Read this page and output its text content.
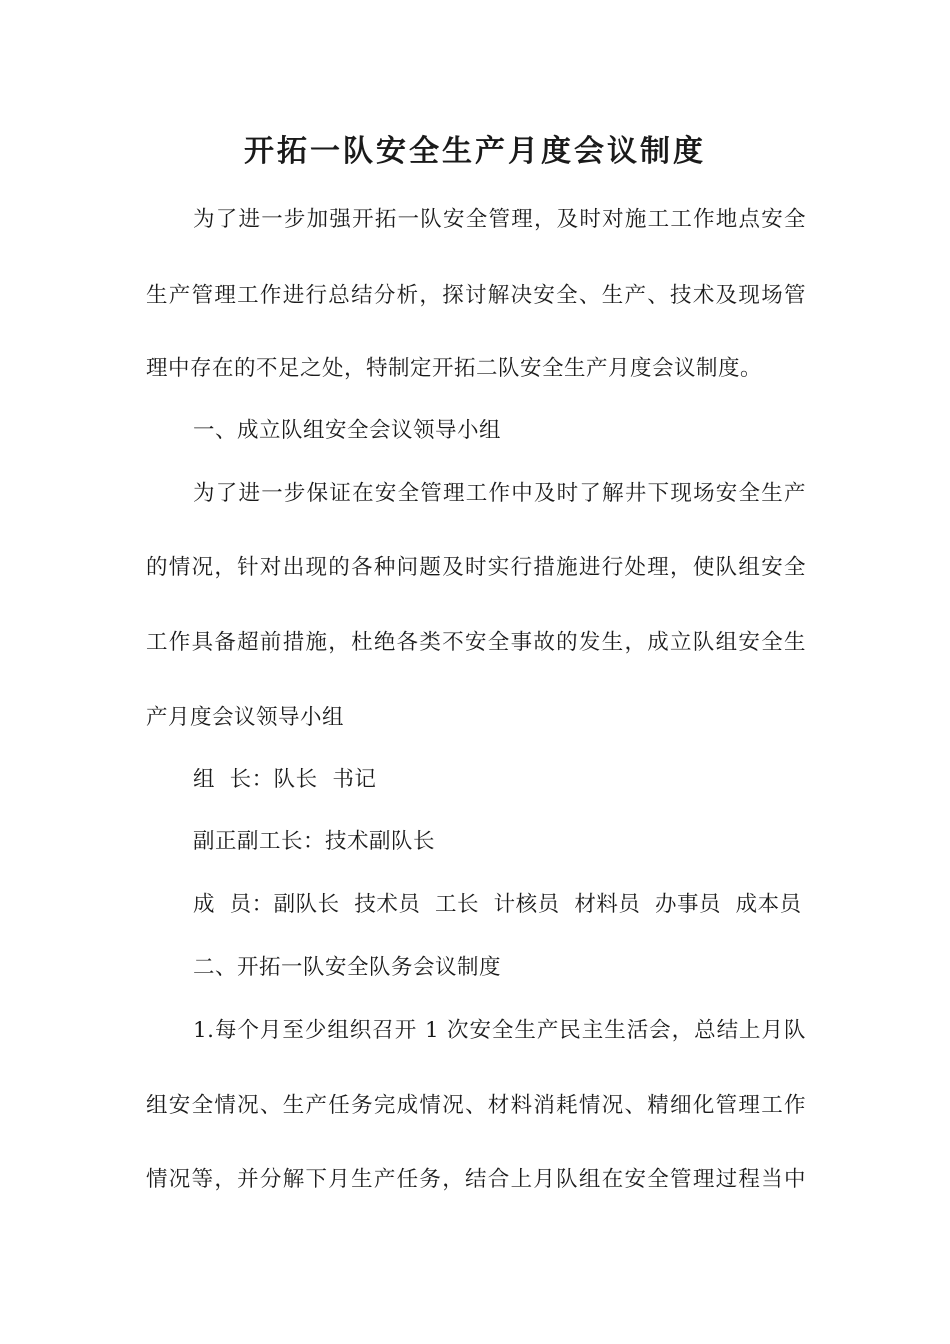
开拓一队安全生产月度会议制度
为了进一步加强开拓一队安全管理，及时对施工工作地点安全
生产管理工作进行总结分析，探讨解决安全、生产、技术及现场管
理中存在的不足之处，特制定开拓二队安全生产月度会议制度。
一、成立队组安全会议领导小组
为了进一步保证在安全管理工作中及时了解井下现场安全生产
的情况，针对出现的各种问题及时实行措施进行处理，使队组安全
工作具备超前措施，杜绝各类不安全事故的发生，成立队组安全生
产月度会议领导小组
组  长：队长  书记
副正副工长：技术副队长
成  员：副队长  技术员  工长  计核员  材料员  办事员  成本员
二、开拓一队安全队务会议制度
1.每个月至少组织召开 1 次安全生产民主生活会，总结上月队
组安全情况、生产任务完成情况、材料消耗情况、精细化管理工作
情况等，并分解下月生产任务，结合上月队组在安全管理过程当中
